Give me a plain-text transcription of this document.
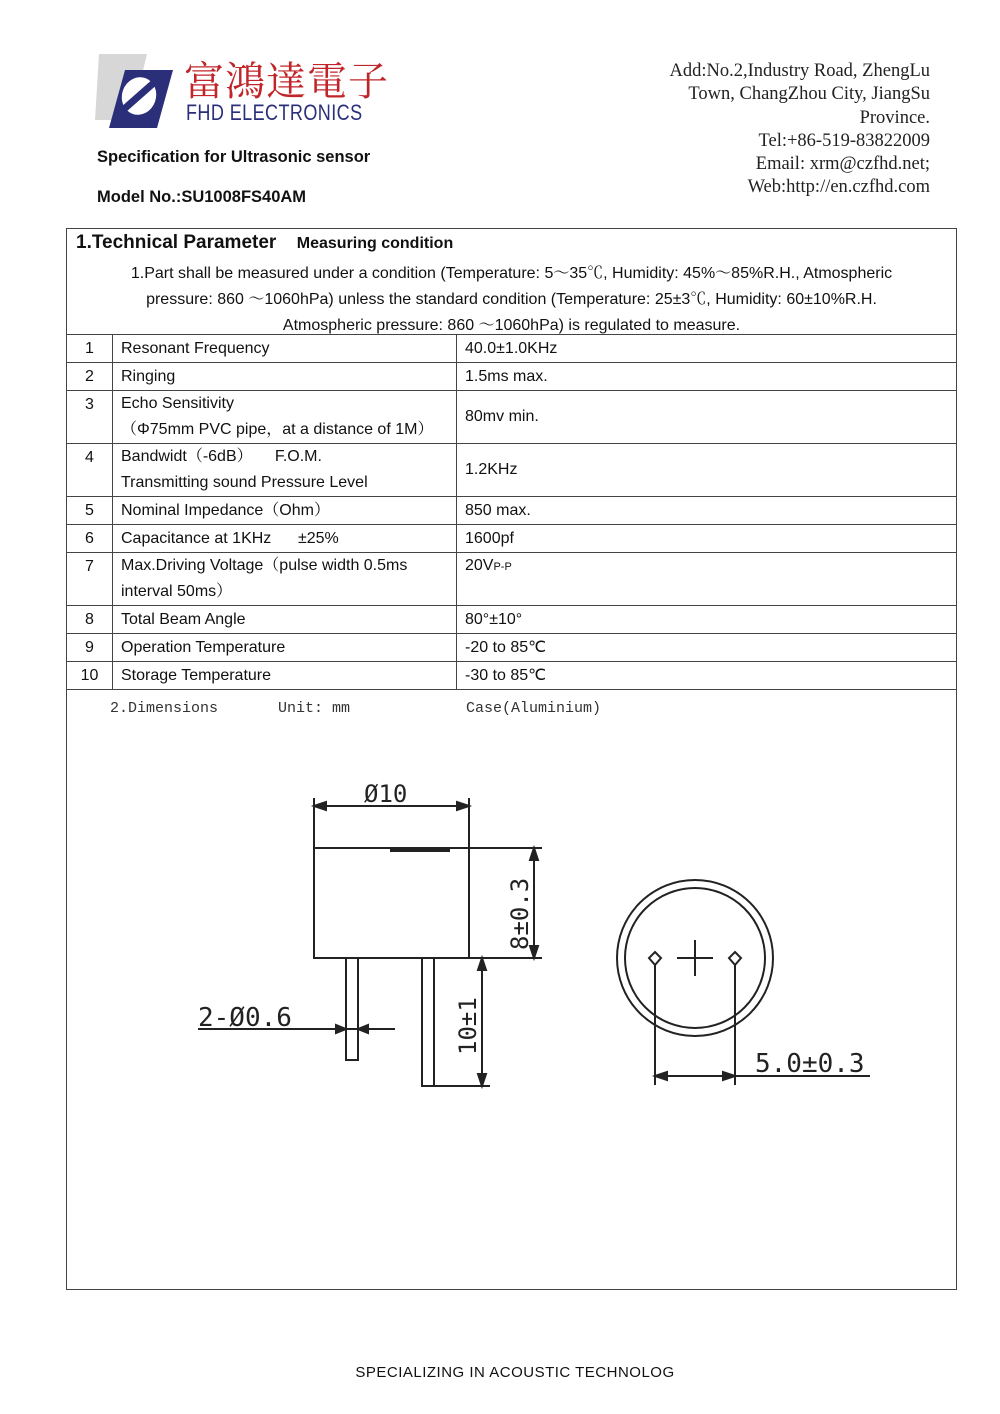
富鴻達電子
FHD ELECTRONICS
Specification for Ultrasonic sensor
Model No.:SU1008FS40AM
Add:No.2,Industry Road, ZhengLu
Town, ChangZhou City, JiangSu
Province.
Tel:+86-519-83822009
Email: xrm@czfhd.net;
Web:http://en.czfhd.com
1.Technical Parameter Measuring condition
1.Part shall be measured under a condition (Temperature: 5～35℃, Humidity: 45%～85%R.H., Atmospheric
pressure: 860 ～1060hPa) unless the standard condition (Temperature: 25±3℃, Humidity: 60±10%R.H.
Atmospheric pressure: 860 ～1060hPa) is regulated to measure.
1	Resonant Frequency	40.0±1.0KHz
2	Ringing	1.5ms max.
3	Echo Sensitivity
（Φ75mm PVC pipe，at a distance of 1M）	80mv min.
4	Bandwidt（-6dB）     F.O.M.
Transmitting sound Pressure Level	1.2KHz
5	Nominal Impedance（Ohm）	850 max.
6	Capacitance at 1KHz      ±25%	1600pf
7	Max.Driving Voltage（pulse width 0.5ms
interval 50ms）	20VP-P
8	Total Beam Angle	80°±10°
9	Operation Temperature	-20 to 85℃
10	Storage Temperature	-30 to 85℃
2.Dimensions	Unit: mm	Case(Aluminium)
Ø10
8±0.3
2-Ø0.6	10±1
5.0±0.3
SPECIALIZING IN ACOUSTIC TECHNOLOG
